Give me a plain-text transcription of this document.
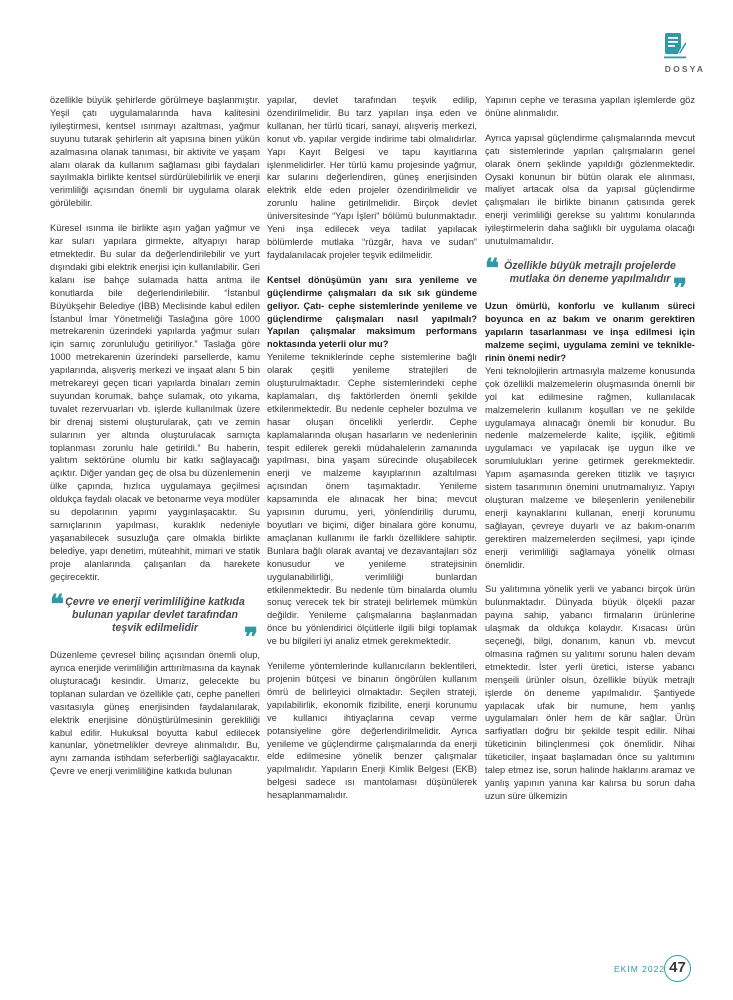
DOSYA

özellikle büyük şehirlerde görülmeye başlanmıştır. Yeşil çatı uygulamalarında hava kalitesini iyileştirmesi, kentsel ısınmayı azaltması, yağmur suyunu tutarak şehirlerin alt yapısına binen yükün azalmasına olanak tanıması, bir aktivite ve yaşam alanı olarak da kullanım sağlaması gibi faydaları sayılmakla birlikte kentsel sürdürülebilirlik ve enerji verimliliği açısından önemli bir uygulama olarak görülebilir.

Küresel ısınma ile birlikte aşırı yağan yağmur ve kar suları yapılara girmekte, altyapıyı harap etmektedir. Bu sular da değerlendirilebilir ve yurt dışındaki gibi elektrik enerjisi için kullanılabilir. Geri kalanı ise bahçe sulamada hatta antma ile konutlarda bile değerlendirilebilir. “İstanbul Büyükşehir Belediye (İBB) Meclisinde kabul edilen İstanbul İmar Yönetmeliği Taslağına göre 1000 metrekarenin üzerindeki yapılarda yağmur suları için sarnıç zorunluluğu getiriliyor.” Taslağa göre 1000 metrekarenin üzerindeki parsellerde, kamu yapılarında, alışveriş merkezi ve inşaat alanı 5 bin metrekareyi geçen ticari yapılarda binaları zemin suyundan korumak, bahçe sulamak, oto yıkama, tuvalet rezervuarları vb. işlerde kullanılmak üzere bir drenaj sistemi oluşturularak, çatı ve zemin sularının yer altında oluşturulacak sarnıçta toplanması zorunlu hale getirildi.” Bu haberin, yalıtım sektörüne olumlu bir katkı sağlayacağı açıktır. Diğer yandan geç de olsa bu düzenlemenin ülke çapında, hızlıca uygulamaya geçilmesi oldukça faydalı olacak ve betonarme veya modüler su depolarının yapımı yaygınlaşacaktır. Su sarnıçlarının yapılması, kuraklık nedeniyle yaşanabilecek susuzluğa çare olmakla birlikte beledi̇ye, yapı denetim, müteahhit, mimari ve statik proje alanlarında çalışanları da harekete geçirecektir.

❝ Çevre ve enerji verimliliğine katkıda bulunan yapılar devlet tarafından teşvik edilmelidir ❞

Düzenleme çevresel bilinç açısından önemli olup, ayrıca enerjide verimliliğin arttırılmasına da kaynak oluşturacağı kesindir. Umarız, gelecekte bu toplanan sulardan ve özellikle çatı, cephe panelleri vasıtasıyla güneş enerjisinden faydalanılarak, elektrik enerjisine dönüştürülmesinin gerekliliği kabul edilir. Hukuksal boyutta kabul edilecek kanunlar, yönetmelikler devreye alınmalıdır. Bu, aynı zamanda istihdam seferberliği sağlayacaktır. Çevre ve enerji verimliliğine katkıda bulunan

yapılar, devlet tarafından teşvik edilip, özendirilmelidir. Bu tarz yapıları inşa eden ve kullanan, her türlü ticari, sanayi, alışveriş merkezi, konut vb. yapılar vergide indirime tabi olmalıdırlar. Yapı Kayıt Belgesi ve tapu kayıtlarına işlenmelidirler. Her türlü kamu projesinde yağmur, kar sularını değerlendiren, güneş enerjisinden elektrik elde eden projeler özendirilmelidir ve zorunlu haline getirilmelidir. Birçok devlet üniversitesinde “Yapı İşleri” bölümü bulunmaktadır. Yeni inşa edilecek veya tadilat yapılacak bölümlerde mutlaka “rüzgâr, hava ve sudan” faydalanılacak projeler teşvik edilmelidir.

Kentsel dönüşümün yanı sıra yenileme ve güçlendirme çalışmaları da sık sık gündeme geliyor. Çatı- cephe sistemlerinde yenileme ve güçlendirme çalışmaları nasıl yapılmalı? Yapılan çalışmalar maksimum performans noktasında yeterli olur mu?

Yenileme tekniklerinde cephe sistemlerine bağlı olarak çeşitli yenileme stratejileri de oluşturulmaktadır. Cephe sistemlerindeki cephe kaplamaları, dış faktörlerden önemli şekilde etkilenmektedir. Bu nedenle cepheler bozulma ve hasar oluşan öncelikli yerlerdir. Cephe kaplamalarında oluşan hasarların ve nedenlerinin tespit edilerek gerekli müdahalelerin zamanında yapılması, bina yaşam sürecinde oluşabilecek enerji ve malzeme kayıplarının azaltılması açısından önem taşımaktadır. Yenileme kapsamında ele alınacak her bina; mevcut yapısının durumu, yeri, yönlendiriliş durumu, boyutları ve biçimi, diğer binalara göre konumu, amaçlanan kullanımı ile farklı özelliklere sahiptir. Bunlara bağlı olarak avantaj ve dezavantajları söz konusudur ve yenileme stratejisinin uygulanabilirliği, verimliliği bunlardan etkilenmektedir. Bu nedenle tüm binalarda olumlu sonuç verecek tek bir strateji belirlemek mümkün değildir. Yenileme çalışmalarına başlanmadan önce bu yönlendirici ölçütlerle ilgili bilgi toplamak ve bu bilgileri iyi analiz etmek gerekmektedir.

Yenileme yöntemlerinde kullanıcıların beklentileri, projenin bütçesi ve binanın öngörülen kullanım ömrü de belirleyici olmaktadır. Seçilen strateji, yapılabilirlik, ekonomik fizibilite, enerji korunumu ve kullanıcı ihtiyaçlarına cevap verme potansiyeline göre değerlendirilmelidir. Ayrıca yenileme ve güçlendirme çalışmalarında da enerji elde edilmesine yönelik benzer çalışmalar yapılmalıdır. Yapıların Enerji Kimlik Belgesi (EKB) belgesi sadece ısı mantolaması düşünülerek hesaplanmamalıdır.

Yapının cephe ve terasına yapılan işlemlerde göz önüne alınmalıdır.

Ayrıca yapısal güçlendirme çalışmalarında mevcut çatı sistemlerinde yapılan çalışmaların genel olarak önem şeklinde yapıldığı gözlenmektedir. Oysaki konunun bir bütün olarak ele alınması, maliyet artacak olsa da yapısal güçlendirme çalışmaları ile birlikte binanın çatısında gerek enerji verimliliği gerekse su yalıtımı konularında iyileştirmelerin daha sağlıklı bir uygulama olacağı unutulmamalıdır.

❝ Özellikle büyük metrajlı projelerde mutlaka ön deneme yapılmalıdır ❞

Uzun ömürlü, konforlu ve kullanım süreci boyunca en az bakım ve onarım gerektiren yapıların tasarlanması ve inşa edilmesi için malzeme seçimi, uygulama zemini ve tekniklerinin önemi nedir?

Yeni teknolojilerin artmasıyla malzeme konusunda çok özellikli malzemelerin oluşmasında önemli bir yol kat edilmesine rağmen, kullanılacak malzemelerin kullanım koşulları ve ne şekilde uygulamaya alınacağı önemli bir konudur. Bu nedenle malzemelerde kalite, işçilik, eğitimli uygulamacı ve yapılacak işe uygun ilke ve sorumlulukları yerine getirmek gerekmektedir. Yapım aşamasında gereken titizlik ve taşıyıcı sistem tasarımının önemini unutmamalıyız. Yapıyı oluşturan malzeme ve bileşenlerin yenilenebilir enerji kaynaklarını kullanan, enerji korunumu sağlayan, çevreye duyarlı ve az bakım-onarım gerektiren malzemelerden seçilmesi, yapı içinde enerji verimliliği sağlamaya yönelik olması önemlidir.

Su yalıtımına yönelik yerli ve yabancı birçok ürün bulunmaktadır. Dünyada büyük ölçekli pazar payına sahip, yabancı firmaların ürünlerine ulaşmak da oldukça kolaydır. Kısacası ürün seçeneği, bilgi, donanım, kanun vb. mevcut olmasına rağmen su yalıtımı sorunu halen devam etmektedir. İster yerli üretici, isterse yabancı menşeili ürünler olsun, özellikle büyük metrajlı işlerde ön deneme yapılmalıdır. Şantiyede yapılacak ufak bir numune, hem yanlış uygulamaları önler hem de kâr sağlar. Ürün sarfiyatları doğru bir şekilde tespit edilir. Nihai tüketicinin bilinçlenmesi çok önemlidir. Nihai tüketiciler, inşaat başlamadan önce su yalıtımını talep etmez ise, sorun halinde haklarını aramaz ve yanlış yapının yanına kar kalırsa bu sorun daha uzun süre ülkemizin

EKİM 2022 47
